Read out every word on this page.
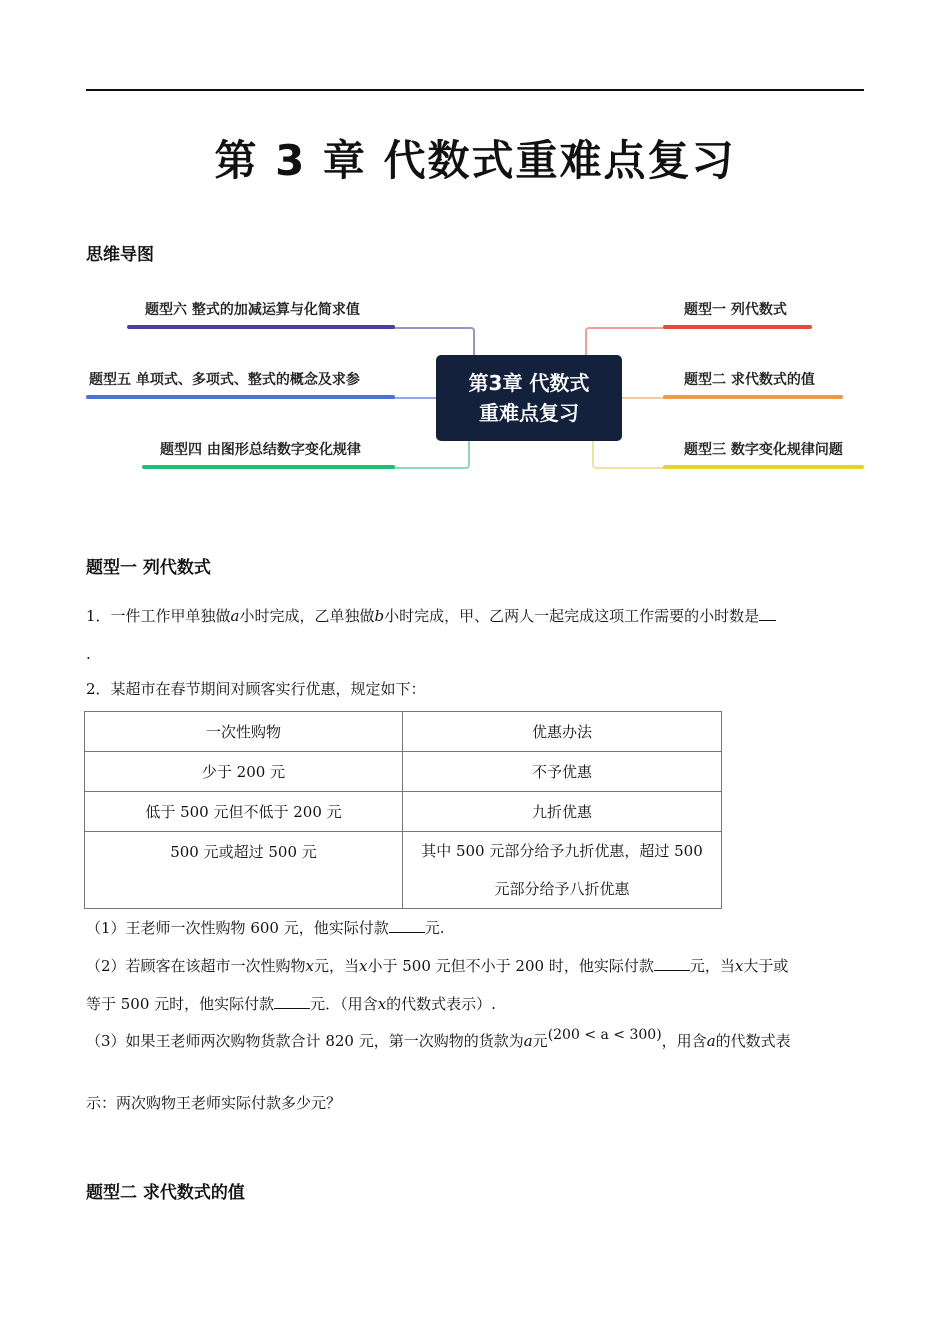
第 3 章 代数式重难点复习
思维导图
题型六 整式的加减运算与化简求值
题型五 单项式、多项式、整式的概念及求参
题型四 由图形总结数字变化规律
第3章 代数式
重难点复习
题型一 列代数式
题型二 求代数式的值
题型三 数字变化规律问题
题型一 列代数式
1．一件工作甲单独做a小时完成，乙单独做b小时完成，甲、乙两人一起完成这项工作需要的小时数是
.
2．某超市在春节期间对顾客实行优惠，规定如下：
一次性购物	优惠办法
少于 200 元	不予优惠
低于 500 元但不低于 200 元	九折优惠
500 元或超过 500 元	其中 500 元部分给予九折优惠，超过 500
元部分给予八折优惠
（1）王老师一次性购物 600 元，他实际付款 元.
（2）若顾客在该超市一次性购物x元，当x小于 500 元但不小于 200 时，他实际付款 元，当x大于或
等于 500 元时，他实际付款 元．（用含x的代数式表示）.
（3）如果王老师两次购物货款合计 820 元，第一次购物的货款为a元(200 < a < 300)，用含a的代数式表
示：两次购物王老师实际付款多少元？
题型二 求代数式的值
